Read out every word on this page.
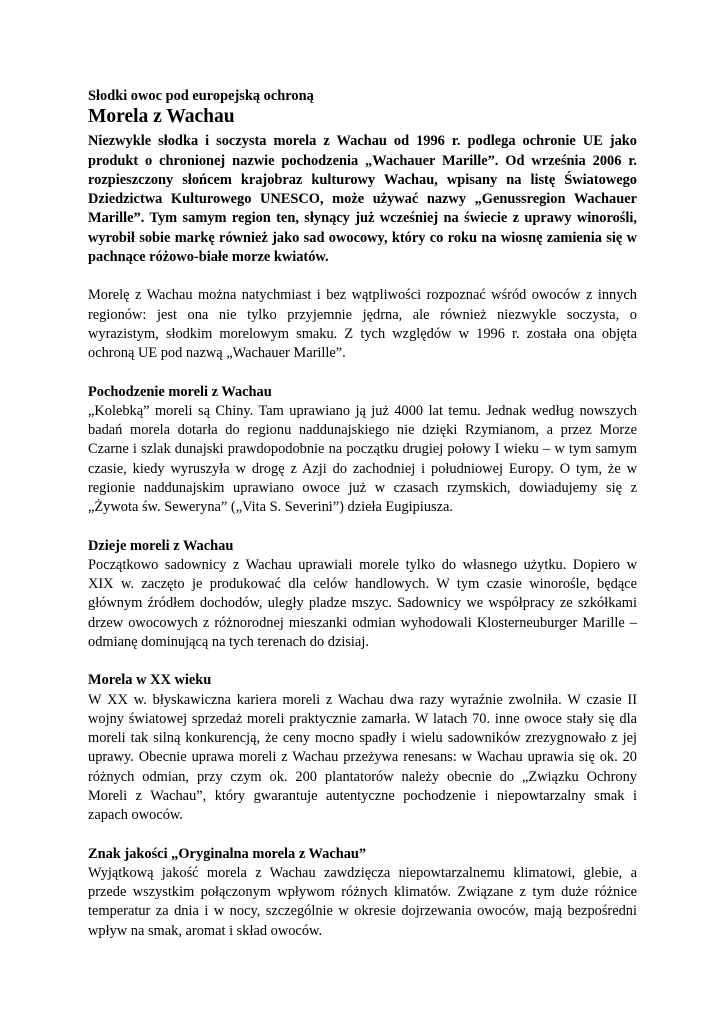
Słodki owoc pod europejską ochroną
Morela z Wachau
Niezwykle słodka i soczysta morela z Wachau od 1996 r. podlega ochronie UE jako
produkt o chronionej nazwie pochodzenia „Wachauer Marille”. Od września 2006 r.
rozpieszczony słońcem krajobraz kulturowy Wachau, wpisany na listę Światowego
Dziedzictwa Kulturowego UNESCO, może używać nazwy „Genussregion Wachauer
Marille”. Tym samym region ten, słynący już wcześniej na świecie z uprawy winorośli,
wyrobił sobie markę również jako sad owocowy, który co roku na wiosnę zamienia się w
pachnące różowo-białe morze kwiatów.
Morelę z Wachau można natychmiast i bez wątpliwości rozpoznać wśród owoców z innych
regionów: jest ona nie tylko przyjemnie jędrna, ale również niezwykle soczysta, o
wyrazistym, słodkim morelowym smaku. Z tych względów w 1996 r. została ona objęta
ochroną UE pod nazwą „Wachauer Marille”.
Pochodzenie moreli z Wachau
„Kolebką” moreli są Chiny. Tam uprawiano ją już 4000 lat temu. Jednak według nowszych
badań morela dotarła do regionu naddunajskiego nie dzięki Rzymianom, a przez Morze
Czarne i szlak dunajski prawdopodobnie na początku drugiej połowy I wieku – w tym samym
czasie, kiedy wyruszyła w drogę z Azji do zachodniej i południowej Europy. O tym, że w
regionie naddunajskim uprawiano owoce już w czasach rzymskich, dowiadujemy się z
„Żywota św. Seweryna” („Vita S. Severini”) dzieła Eugipiusza.
Dzieje moreli z Wachau
Początkowo sadownicy z Wachau uprawiali morele tylko do własnego użytku. Dopiero w
XIX w. zaczęto je produkować dla celów handlowych. W tym czasie winorośle, będące
głównym źródłem dochodów, uległy pladze mszyc. Sadownicy we współpracy ze szkółkami
drzew owocowych z różnorodnej mieszanki odmian wyhodowali Klosterneuburger Marille –
odmianę dominującą na tych terenach do dzisiaj.
Morela w XX wieku
W XX w. błyskawiczna kariera moreli z Wachau dwa razy wyraźnie zwolniła. W czasie II
wojny światowej sprzedaż moreli praktycznie zamarła. W latach 70. inne owoce stały się dla
moreli tak silną konkurencją, że ceny mocno spadły i wielu sadowników zrezygnowało z jej
uprawy. Obecnie uprawa moreli z Wachau przeżywa renesans: w Wachau uprawia się ok. 20
różnych odmian, przy czym ok. 200 plantatorów należy obecnie do „Związku Ochrony
Moreli z Wachau”, który gwarantuje autentyczne pochodzenie i niepowtarzalny smak i
zapach owoców.
Znak jakości „Oryginalna morela z Wachau”
Wyjątkową jakość morela z Wachau zawdzięcza niepowtarzalnemu klimatowi, glebie, a
przede wszystkim połączonym wpływom różnych klimatów. Związane z tym duże różnice
temperatur za dnia i w nocy, szczególnie w okresie dojrzewania owoców, mają bezpośredni
wpływ na smak, aromat i skład owoców.
